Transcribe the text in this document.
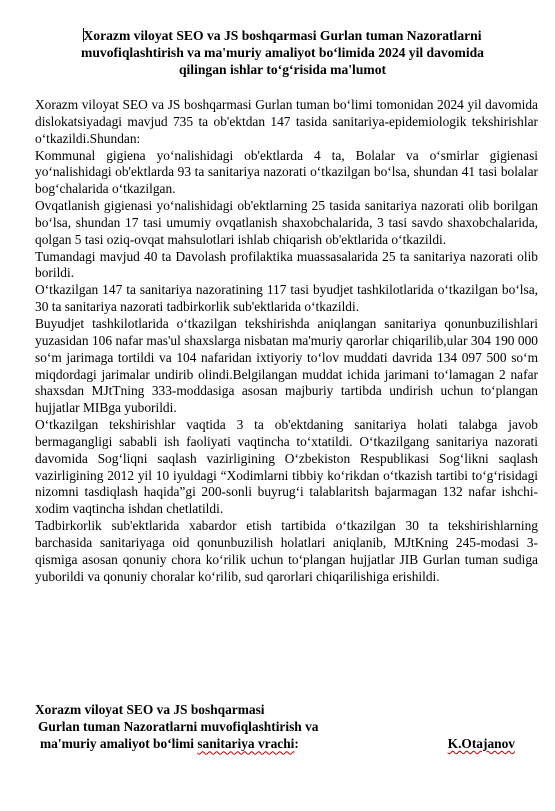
Xorazm viloyat SEO va JS boshqarmasi Gurlan tuman Nazoratlarni
muvofiqlashtirish va ma'muriy amaliyot bo‘limida 2024 yil davomida
qilingan ishlar to‘g‘risida ma'lumot

Xorazm viloyat SEO va JS boshqarmasi Gurlan tuman bo‘limi tomonidan 2024 yil davomida dislokatsiyadagi mavjud 735 ta ob'ektdan 147 tasida sanitariya-epidemiologik tekshirishlar o‘tkazildi.Shundan:

Kommunal gigiena yo‘nalishidagi ob'ektlarda 4 ta, Bolalar va o‘smirlar gigienasi yo‘nalishidagi ob'ektlarda 93 ta sanitariya nazorati o‘tkazilgan bo‘lsa, shundan 41 tasi bolalar bog‘chalarida o‘tkazilgan.

Ovqatlanish gigienasi yo‘nalishidagi ob'ektlarning 25 tasida sanitariya nazorati olib borilgan bo‘lsa, shundan 17 tasi umumiy ovqatlanish shaxobchalarida, 3 tasi savdo shaxobchalarida, qolgan 5 tasi oziq-ovqat mahsulotlari ishlab chiqarish ob'ektlarida o‘tkazildi.

Tumandagi mavjud 40 ta Davolash profilaktika muassasalarida 25 ta sanitariya nazorati olib borildi.

O‘tkazilgan 147 ta sanitariya nazoratining 117 tasi byudjet tashkilotlarida o‘tkazilgan bo‘lsa, 30 ta sanitariya nazorati tadbirkorlik sub'ektlarida o‘tkazildi.

Buyudjet tashkilotlarida o‘tkazilgan tekshirishda aniqlangan sanitariya qonunbuzilishlari yuzasidan 106 nafar mas'ul shaxslarga nisbatan ma'muriy qarorlar chiqarilib,ular 304 190 000 so‘m jarimaga tortildi va 104 nafaridan ixtiyoriy to‘lov muddati davrida 134 097 500 so‘m miqdordagi jarimalar undirib olindi.Belgilangan muddat ichida jarimani to‘lamagan 2 nafar shaxsdan MJtTning 333-moddasiga asosan majburiy tartibda undirish uchun to‘plangan hujjatlar MIBga yuborildi.

O‘tkazilgan tekshirishlar vaqtida 3 ta ob'ektdaning sanitariya holati talabga javob bermagangligi sababli ish faoliyati vaqtincha to‘xtatildi. O‘tkazilgang sanitariya nazorati davomida Sog‘liqni saqlash vazirligining O‘zbekiston Respublikasi Sog‘likni saqlash vazirligining 2012 yil 10 iyuldagi “Xodimlarni tibbiy ko‘rikdan o‘tkazish tartibi to‘g‘risidagi nizomni tasdiqlash haqida”gi 200-sonli buyrug‘i talablaritsh bajarmagan 132 nafar ishchi-xodim vaqtincha ishdan chetlatildi.

Tadbirkorlik sub'ektlarida xabardor etish tartibida o‘tkazilgan 30 ta tekshirishlarning barchasida sanitariyaga oid qonunbuzilish holatlari aniqlanib, MJtKning 245-modasi 3-qismiga asosan qonuniy chora ko‘rilik uchun to‘plangan hujjatlar JIB Gurlan tuman sudiga yuborildi va qonuniy choralar ko‘rilib, sud qarorlari chiqarilishiga erishildi.

Xorazm viloyat SEO va JS boshqarmasi
Gurlan tuman Nazoratlarni muvofiqlashtirish va
ma'muriy amaliyot bo‘limi sanitariya vrachi:	K.Otajanov
